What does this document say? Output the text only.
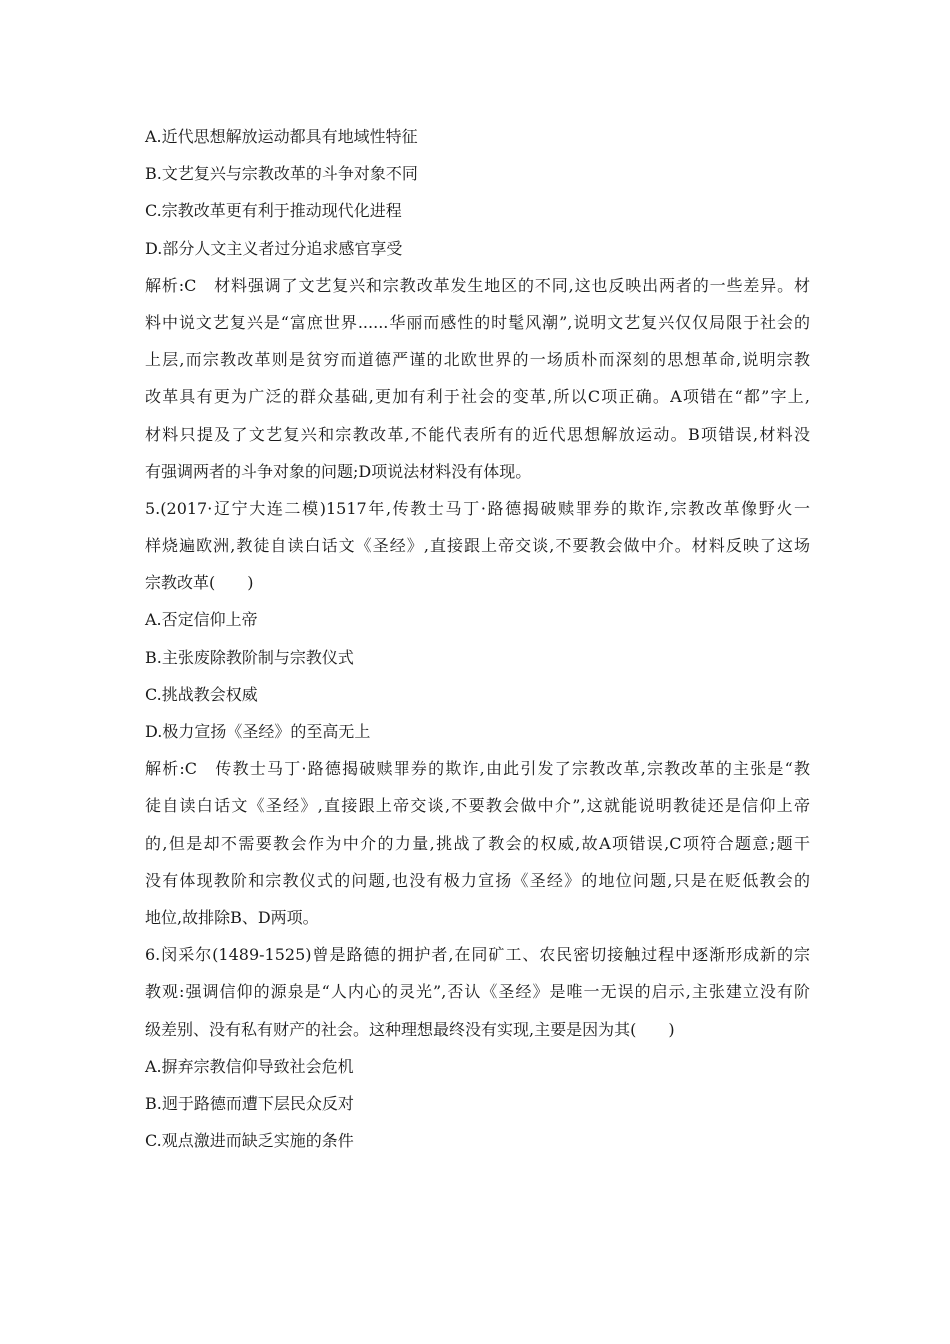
A.近代思想解放运动都具有地域性特征
B.文艺复兴与宗教改革的斗争对象不同
C.宗教改革更有利于推动现代化进程
D.部分人文主义者过分追求感官享受
解析:C　材料强调了文艺复兴和宗教改革发生地区的不同,这也反映出两者的一些差异。材
料中说文艺复兴是“富庶世界......华丽而感性的时髦风潮”,说明文艺复兴仅仅局限于社会的
上层,而宗教改革则是贫穷而道德严谨的北欧世界的一场质朴而深刻的思想革命,说明宗教
改革具有更为广泛的群众基础,更加有利于社会的变革,所以C项正确。A项错在“都”字上,
材料只提及了文艺复兴和宗教改革,不能代表所有的近代思想解放运动。B项错误,材料没
有强调两者的斗争对象的问题;D项说法材料没有体现。
5.(2017·辽宁大连二模)1517年,传教士马丁·路德揭破赎罪券的欺诈,宗教改革像野火一
样烧遍欧洲,教徒自读白话文《圣经》,直接跟上帝交谈,不要教会做中介。材料反映了这场
宗教改革(　　)
A.否定信仰上帝
B.主张废除教阶制与宗教仪式
C.挑战教会权威
D.极力宣扬《圣经》的至高无上
解析:C　传教士马丁·路德揭破赎罪券的欺诈,由此引发了宗教改革,宗教改革的主张是“教
徒自读白话文《圣经》,直接跟上帝交谈,不要教会做中介”,这就能说明教徒还是信仰上帝
的,但是却不需要教会作为中介的力量,挑战了教会的权威,故A项错误,C项符合题意;题干
没有体现教阶和宗教仪式的问题,也没有极力宣扬《圣经》的地位问题,只是在贬低教会的
地位,故排除B、D两项。
6.闵采尔(1489-1525)曾是路德的拥护者,在同矿工、农民密切接触过程中逐渐形成新的宗
教观:强调信仰的源泉是“人内心的灵光”,否认《圣经》是唯一无误的启示,主张建立没有阶
级差别、没有私有财产的社会。这种理想最终没有实现,主要是因为其(　　)
A.摒弃宗教信仰导致社会危机
B.迥于路德而遭下层民众反对
C.观点激进而缺乏实施的条件
